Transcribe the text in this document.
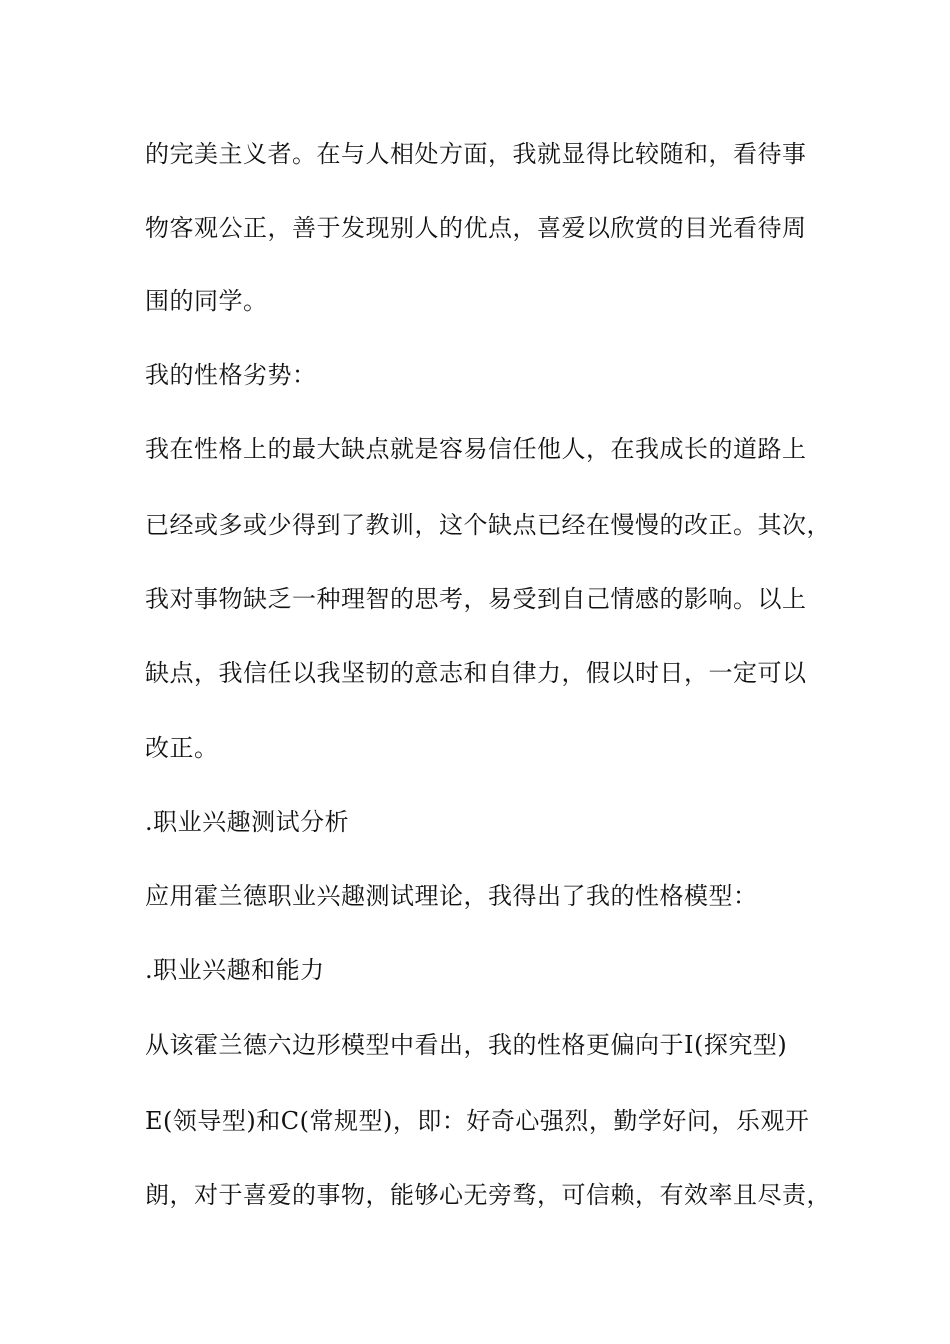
的完美主义者。在与人相处方面，我就显得比较随和，看待事

物客观公正，善于发现别人的优点，喜爱以欣赏的目光看待周

围的同学。

我的性格劣势：

我在性格上的最大缺点就是容易信任他人，在我成长的道路上

已经或多或少得到了教训，这个缺点已经在慢慢的改正。其次，

我对事物缺乏一种理智的思考，易受到自己情感的影响。以上

缺点，我信任以我坚韧的意志和自律力，假以时日，一定可以

改正。

.职业兴趣测试分析

应用霍兰德职业兴趣测试理论，我得出了我的性格模型：

.职业兴趣和能力

从该霍兰德六边形模型中看出，我的性格更偏向于I(探究型)

E(领导型)和C(常规型)，即：好奇心强烈，勤学好问，乐观开

朗，对于喜爱的事物，能够心无旁骛，可信赖，有效率且尽责，
